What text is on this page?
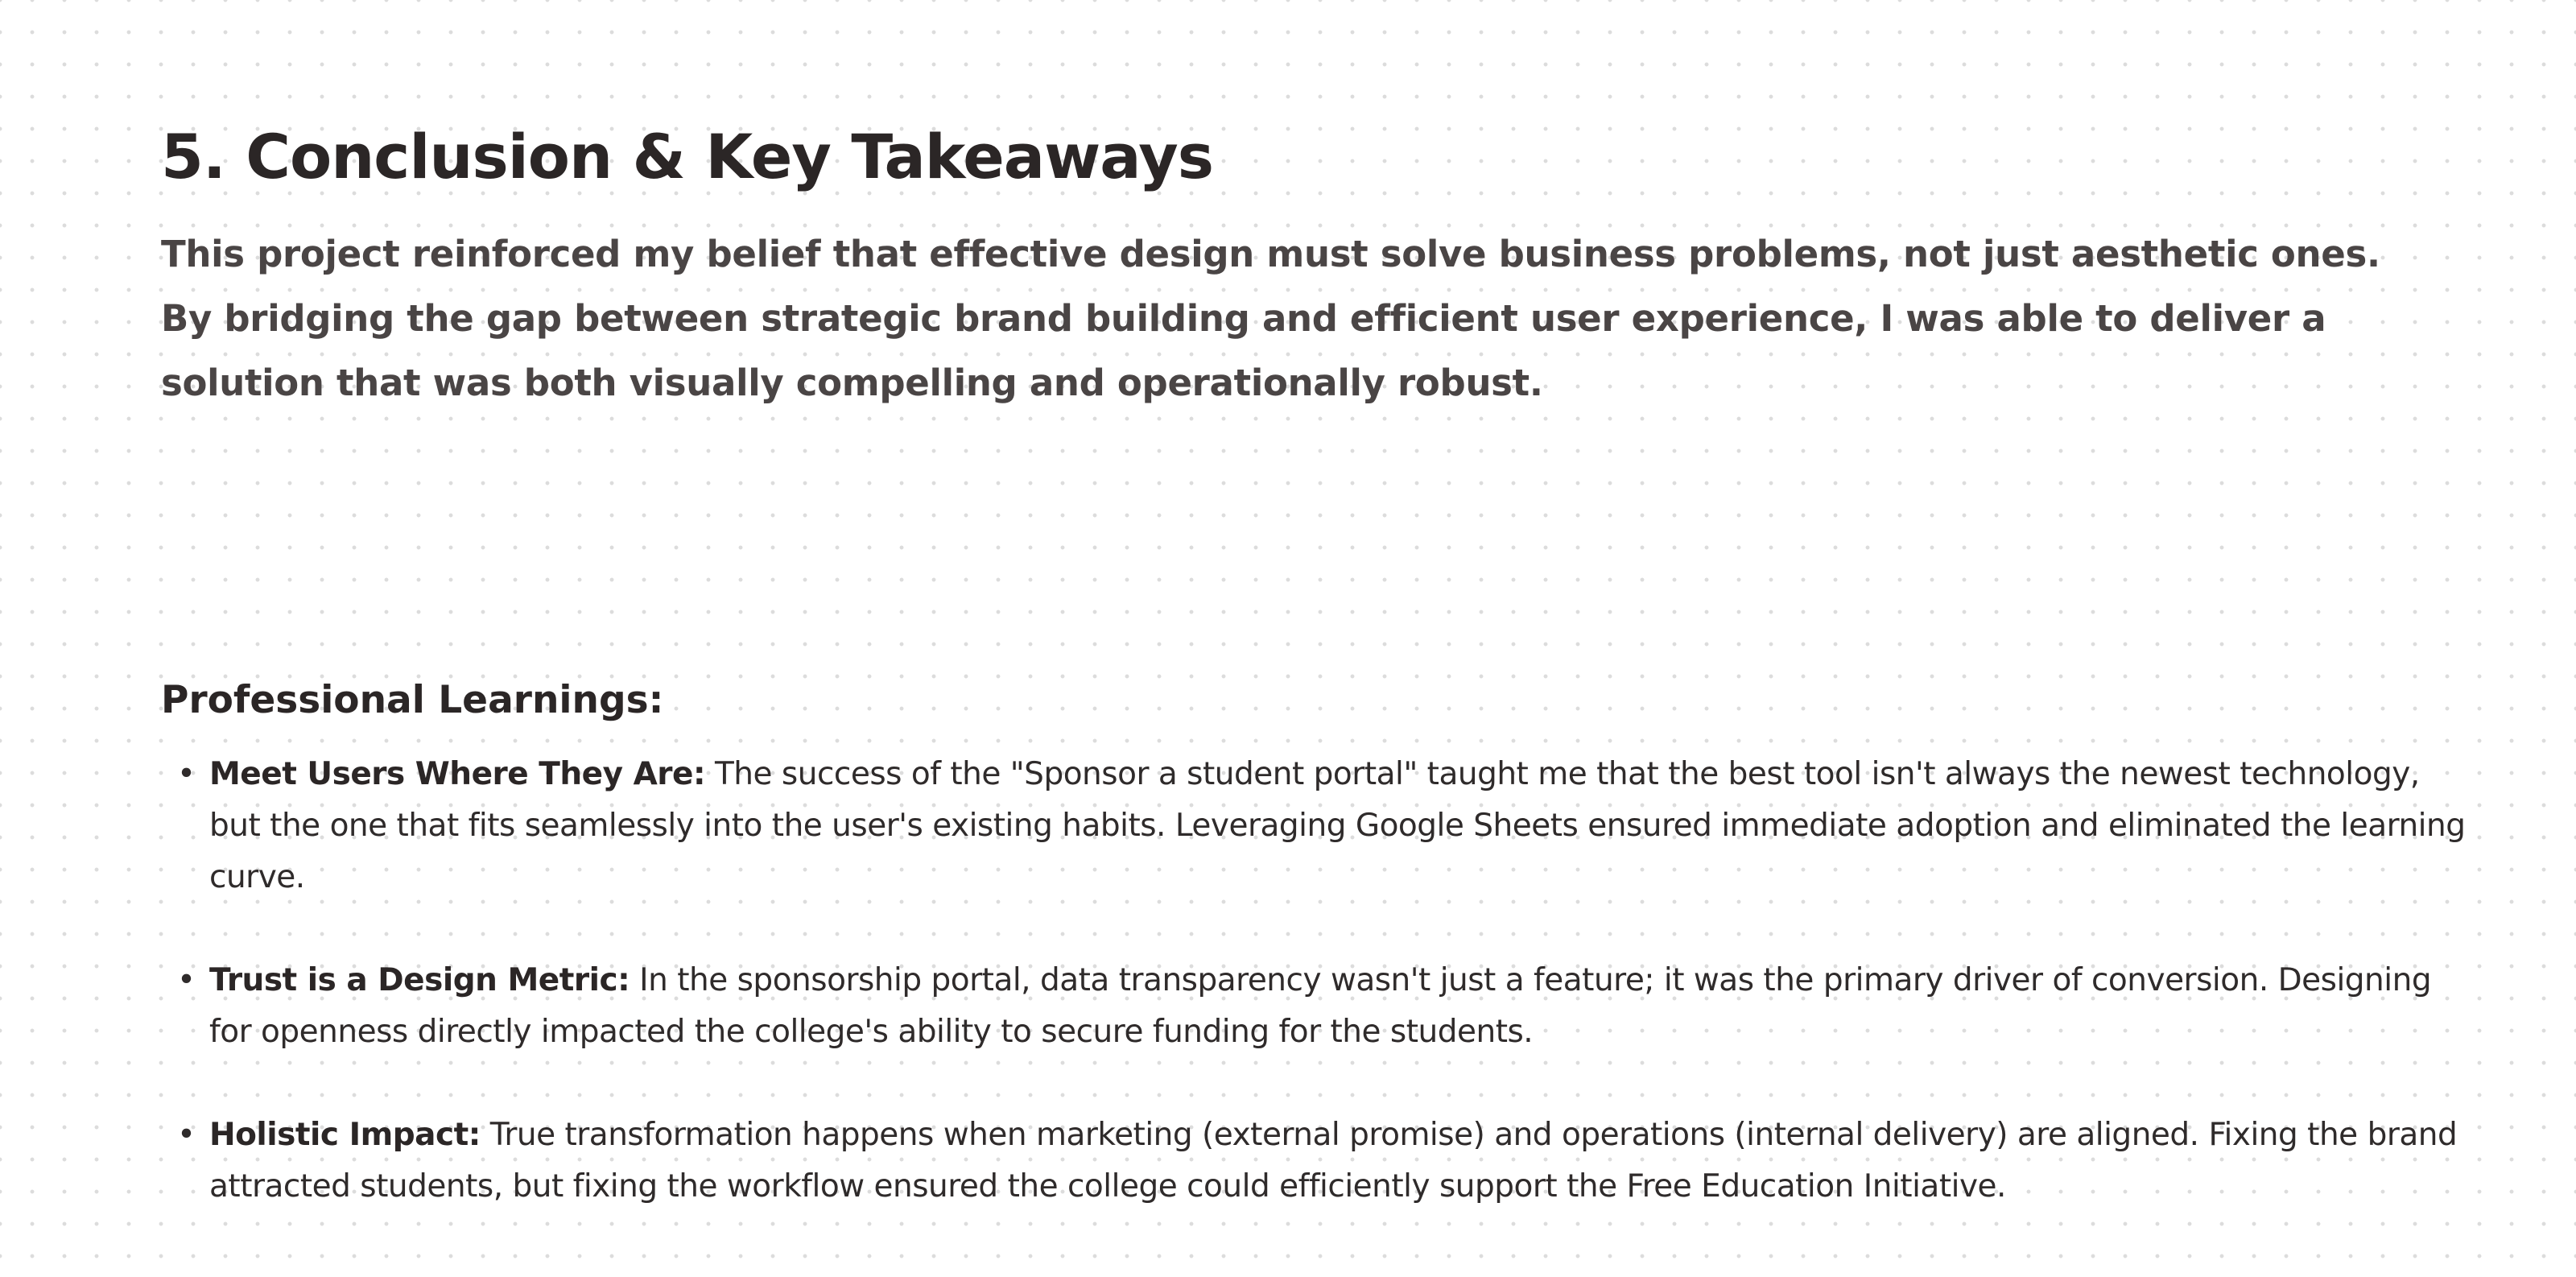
5. Conclusion & Key Takeaways

This project reinforced my belief that effective design must solve business problems, not just aesthetic ones. By bridging the gap between strategic brand building and efficient user experience, I was able to deliver a solution that was both visually compelling and operationally robust.

Professional Learnings:
• Meet Users Where They Are: The success of the "Sponsor a student portal" taught me that the best tool isn't always the newest technology, but the one that fits seamlessly into the user's existing habits. Leveraging Google Sheets ensured immediate adoption and eliminated the learning curve.
• Trust is a Design Metric: In the sponsorship portal, data transparency wasn't just a feature; it was the primary driver of conversion. Designing for openness directly impacted the college's ability to secure funding for the students.
• Holistic Impact: True transformation happens when marketing (external promise) and operations (internal delivery) are aligned. Fixing the brand attracted students, but fixing the workflow ensured the college could efficiently support the Free Education Initiative.
